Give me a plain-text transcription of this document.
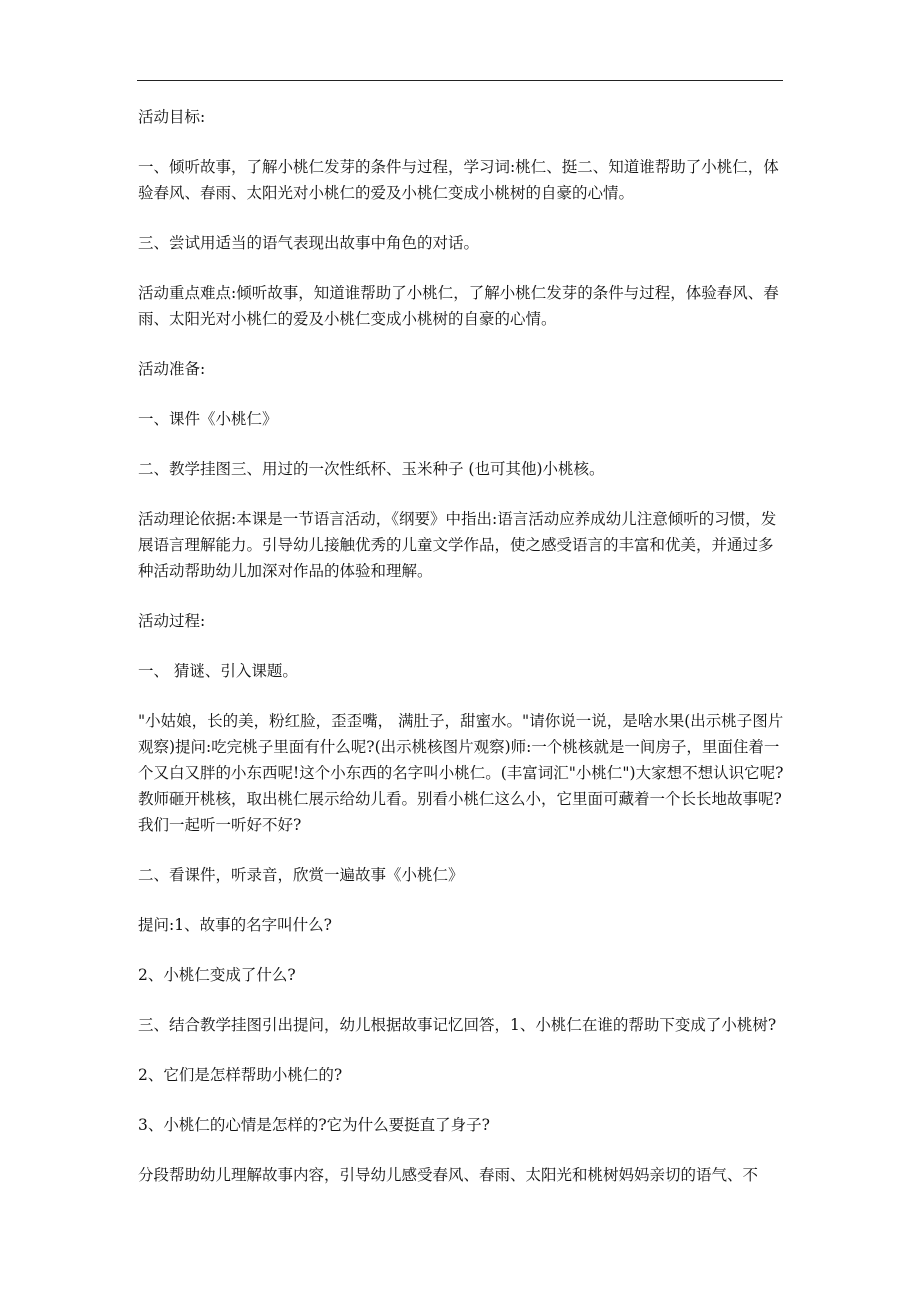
活动目标:

一、倾听故事，了解小桃仁发芽的条件与过程，学习词:桃仁、挺二、知道谁帮助了小桃仁，体验春风、春雨、太阳光对小桃仁的爱及小桃仁变成小桃树的自豪的心情。

三、尝试用适当的语气表现出故事中角色的对话。

活动重点难点:倾听故事，知道谁帮助了小桃仁，了解小桃仁发芽的条件与过程，体验春风、春雨、太阳光对小桃仁的爱及小桃仁变成小桃树的自豪的心情。

活动准备:

一、课件《小桃仁》

二、教学挂图三、用过的一次性纸杯、玉米种子 (也可其他)小桃核。

活动理论依据:本课是一节语言活动，《纲要》中指出:语言活动应养成幼儿注意倾听的习惯，发展语言理解能力。引导幼儿接触优秀的儿童文学作品，使之感受语言的丰富和优美，并通过多种活动帮助幼儿加深对作品的体验和理解。

活动过程:

一、 猜谜、引入课题。

"小姑娘，长的美，粉红脸，歪歪嘴， 满肚子，甜蜜水。"请你说一说，是啥水果(出示桃子图片观察)提问:吃完桃子里面有什么呢?(出示桃核图片观察)师:一个桃核就是一间房子，里面住着一个又白又胖的小东西呢!这个小东西的名字叫小桃仁。(丰富词汇"小桃仁")大家想不想认识它呢?教师砸开桃核，取出桃仁展示给幼儿看。别看小桃仁这么小，它里面可藏着一个长长地故事呢?我们一起听一听好不好?

二、看课件，听录音，欣赏一遍故事《小桃仁》

提问:1、故事的名字叫什么?

2、小桃仁变成了什么?

三、结合教学挂图引出提问，幼儿根据故事记忆回答，1、小桃仁在谁的帮助下变成了小桃树?

2、它们是怎样帮助小桃仁的?

3、小桃仁的心情是怎样的?它为什么要挺直了身子?

分段帮助幼儿理解故事内容，引导幼儿感受春风、春雨、太阳光和桃树妈妈亲切的语气、不
